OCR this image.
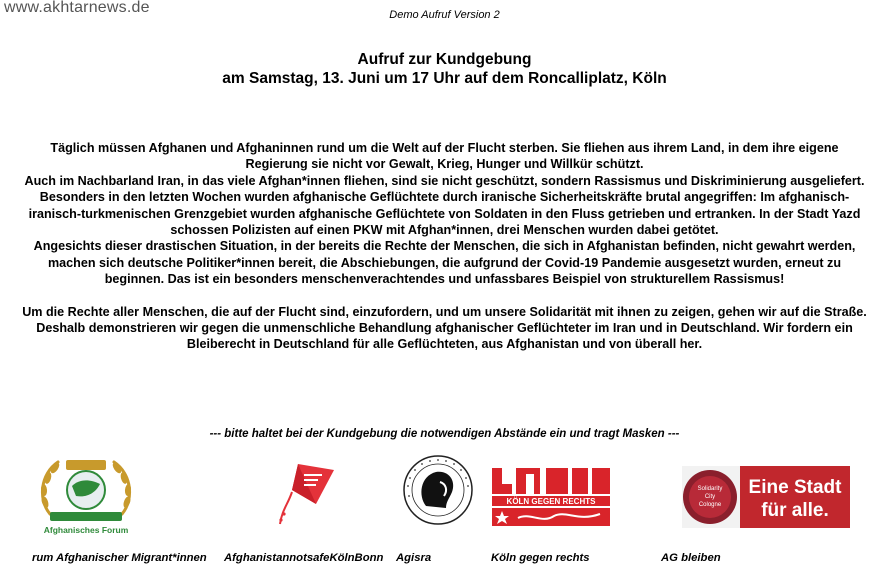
www.akhtarnews.de	Demo Aufruf Version 2
Aufruf zur Kundgebung
am Samstag, 13. Juni um 17 Uhr auf dem Roncalliplatz, Köln

Täglich müssen Afghanen und Afghaninnen rund um die Welt auf der Flucht sterben. Sie fliehen aus ihrem Land, in dem ihre eigene Regierung sie nicht vor Gewalt, Krieg, Hunger und Willkür schützt.

Auch im Nachbarland Iran, in das viele Afghan*innen fliehen, sind sie nicht geschützt, sondern Rassismus und Diskriminierung ausgeliefert. Besonders in den letzten Wochen wurden afghanische Geflüchtete durch iranische Sicherheitskräfte brutal angegriffen: Im afghanisch-iranisch-turkmenischen Grenzgebiet wurden afghanische Geflüchtete von Soldaten in den Fluss getrieben und ertranken. In der Stadt Yazd schossen Polizisten auf einen PKW mit Afghan*innen, drei Menschen wurden dabei getötet.

Angesichts dieser drastischen Situation, in der bereits die Rechte der Menschen, die sich in Afghanistan befinden, nicht gewahrt werden, machen sich deutsche Politiker*innen bereit, die Abschiebungen, die aufgrund der Covid-19 Pandemie ausgesetzt wurden, erneut zu beginnen. Das ist ein besonders menschenverachtendes und unfassbares Beispiel von strukturellem Rassismus!

Um die Rechte aller Menschen, die auf der Flucht sind, einzufordern, und um unsere Solidarität mit ihnen zu zeigen, gehen wir auf die Straße. Deshalb demonstrieren wir gegen die unmenschliche Behandlung afghanischer Geflüchteter im Iran und in Deutschland. Wir fordern ein Bleiberecht in Deutschland für alle Geflüchteten, aus Afghanistan und von überall her.

--- bitte haltet bei der Kundgebung die notwendigen Abstände ein und tragt Masken ---
Afghanisches Forum
KÖLN GEGEN RECHTS
Solidarity
City
Cologne
Eine Stadt
für alle.
rum Afghanischer Migrant*innen AfghanistannotsafeKölnBonn Agisra	Köln gegen rechts	AG bleiben
